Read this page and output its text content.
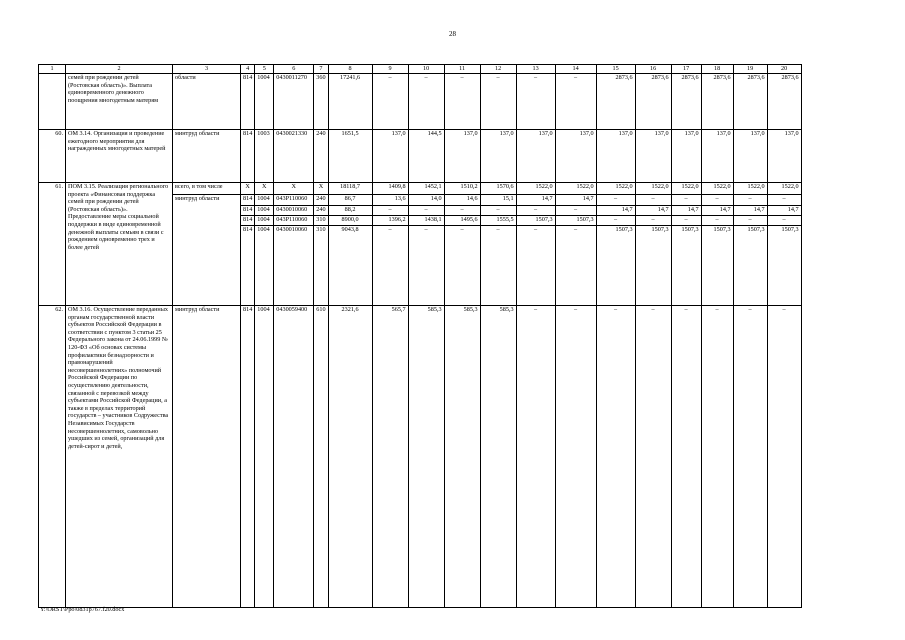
28
1	2	3	4	5	6	7	8	9	10	11	12	13	14	15	16	17	18	19	20
	семей при рождении детей (Ростовская область)». Выплата единовременного денежного поощрения многодетным матерям	области	814	1004	0430011270	360	17241,6	–	–	–	–	–	–	2873,6	2873,6	2873,6	2873,6	2873,6	2873,6
60.	ОМ 3.14. Организация и проведение ежегодного мероприятия для награжденных многодетных матерей	минтруд области	814	1003	0430021330	240	1651,5	137,0	144,5	137,0	137,0	137,0	137,0	137,0	137,0	137,0	137,0	137,0	137,0
61.	ПОМ 3.15. Реализация регионального проекта «Финансовая поддержка семей при рождении детей (Ростовская область)». Предоставление меры социальной поддержки в виде единовременной денежной выплаты семьям в связи с рождением одновременно трех и более детей	всего, в том числе	X	X	X	X	18118,7	1409,8	1452,1	1510,2	1570,6	1522,0	1522,0	1522,0	1522,0	1522,0	1522,0	1522,0	1522,0
		минтруд области	814	1004	043P110060	240	86,7	13,6	14,0	14,6	15,1	14,7	14,7	–	–	–	–	–	–
			814	1004	0430010060	240	88,2	–	–	–	–	–	–	14,7	14,7	14,7	14,7	14,7	14,7
			814	1004	043P110060	310	8900,0	1396,2	1438,1	1495,6	1555,5	1507,3	1507,3	–	–	–	–	–	–
			814	1004	0430010060	310	9043,8	–	–	–	–	–	–	1507,3	1507,3	1507,3	1507,3	1507,3	1507,3
62.	ОМ 3.16. Осуществление переданных органам государственной власти субъектов Российской Федерации в соответствии с пунктом 3 статьи 25 Федерального закона от 24.06.1999 № 120-ФЗ «Об основах системы профилактики безнадзорности и правонарушений несовершеннолетних» полномочий Российской Федерации по осуществлению деятельности, связанной с перевозкой между субъектами Российской Федерации, а также в пределах территорий государств – участников Содружества Независимых Государств несовершеннолетних, самовольно ушедших из семей, организаций для детей-сирот и детей,	минтруд области	814	1004	0430059400	610	2321,6	565,7	585,3	585,3	585,3	–	–	–	–	–	–	–	–
Y:\ORST\Ppo\0831p767.f20.docx
